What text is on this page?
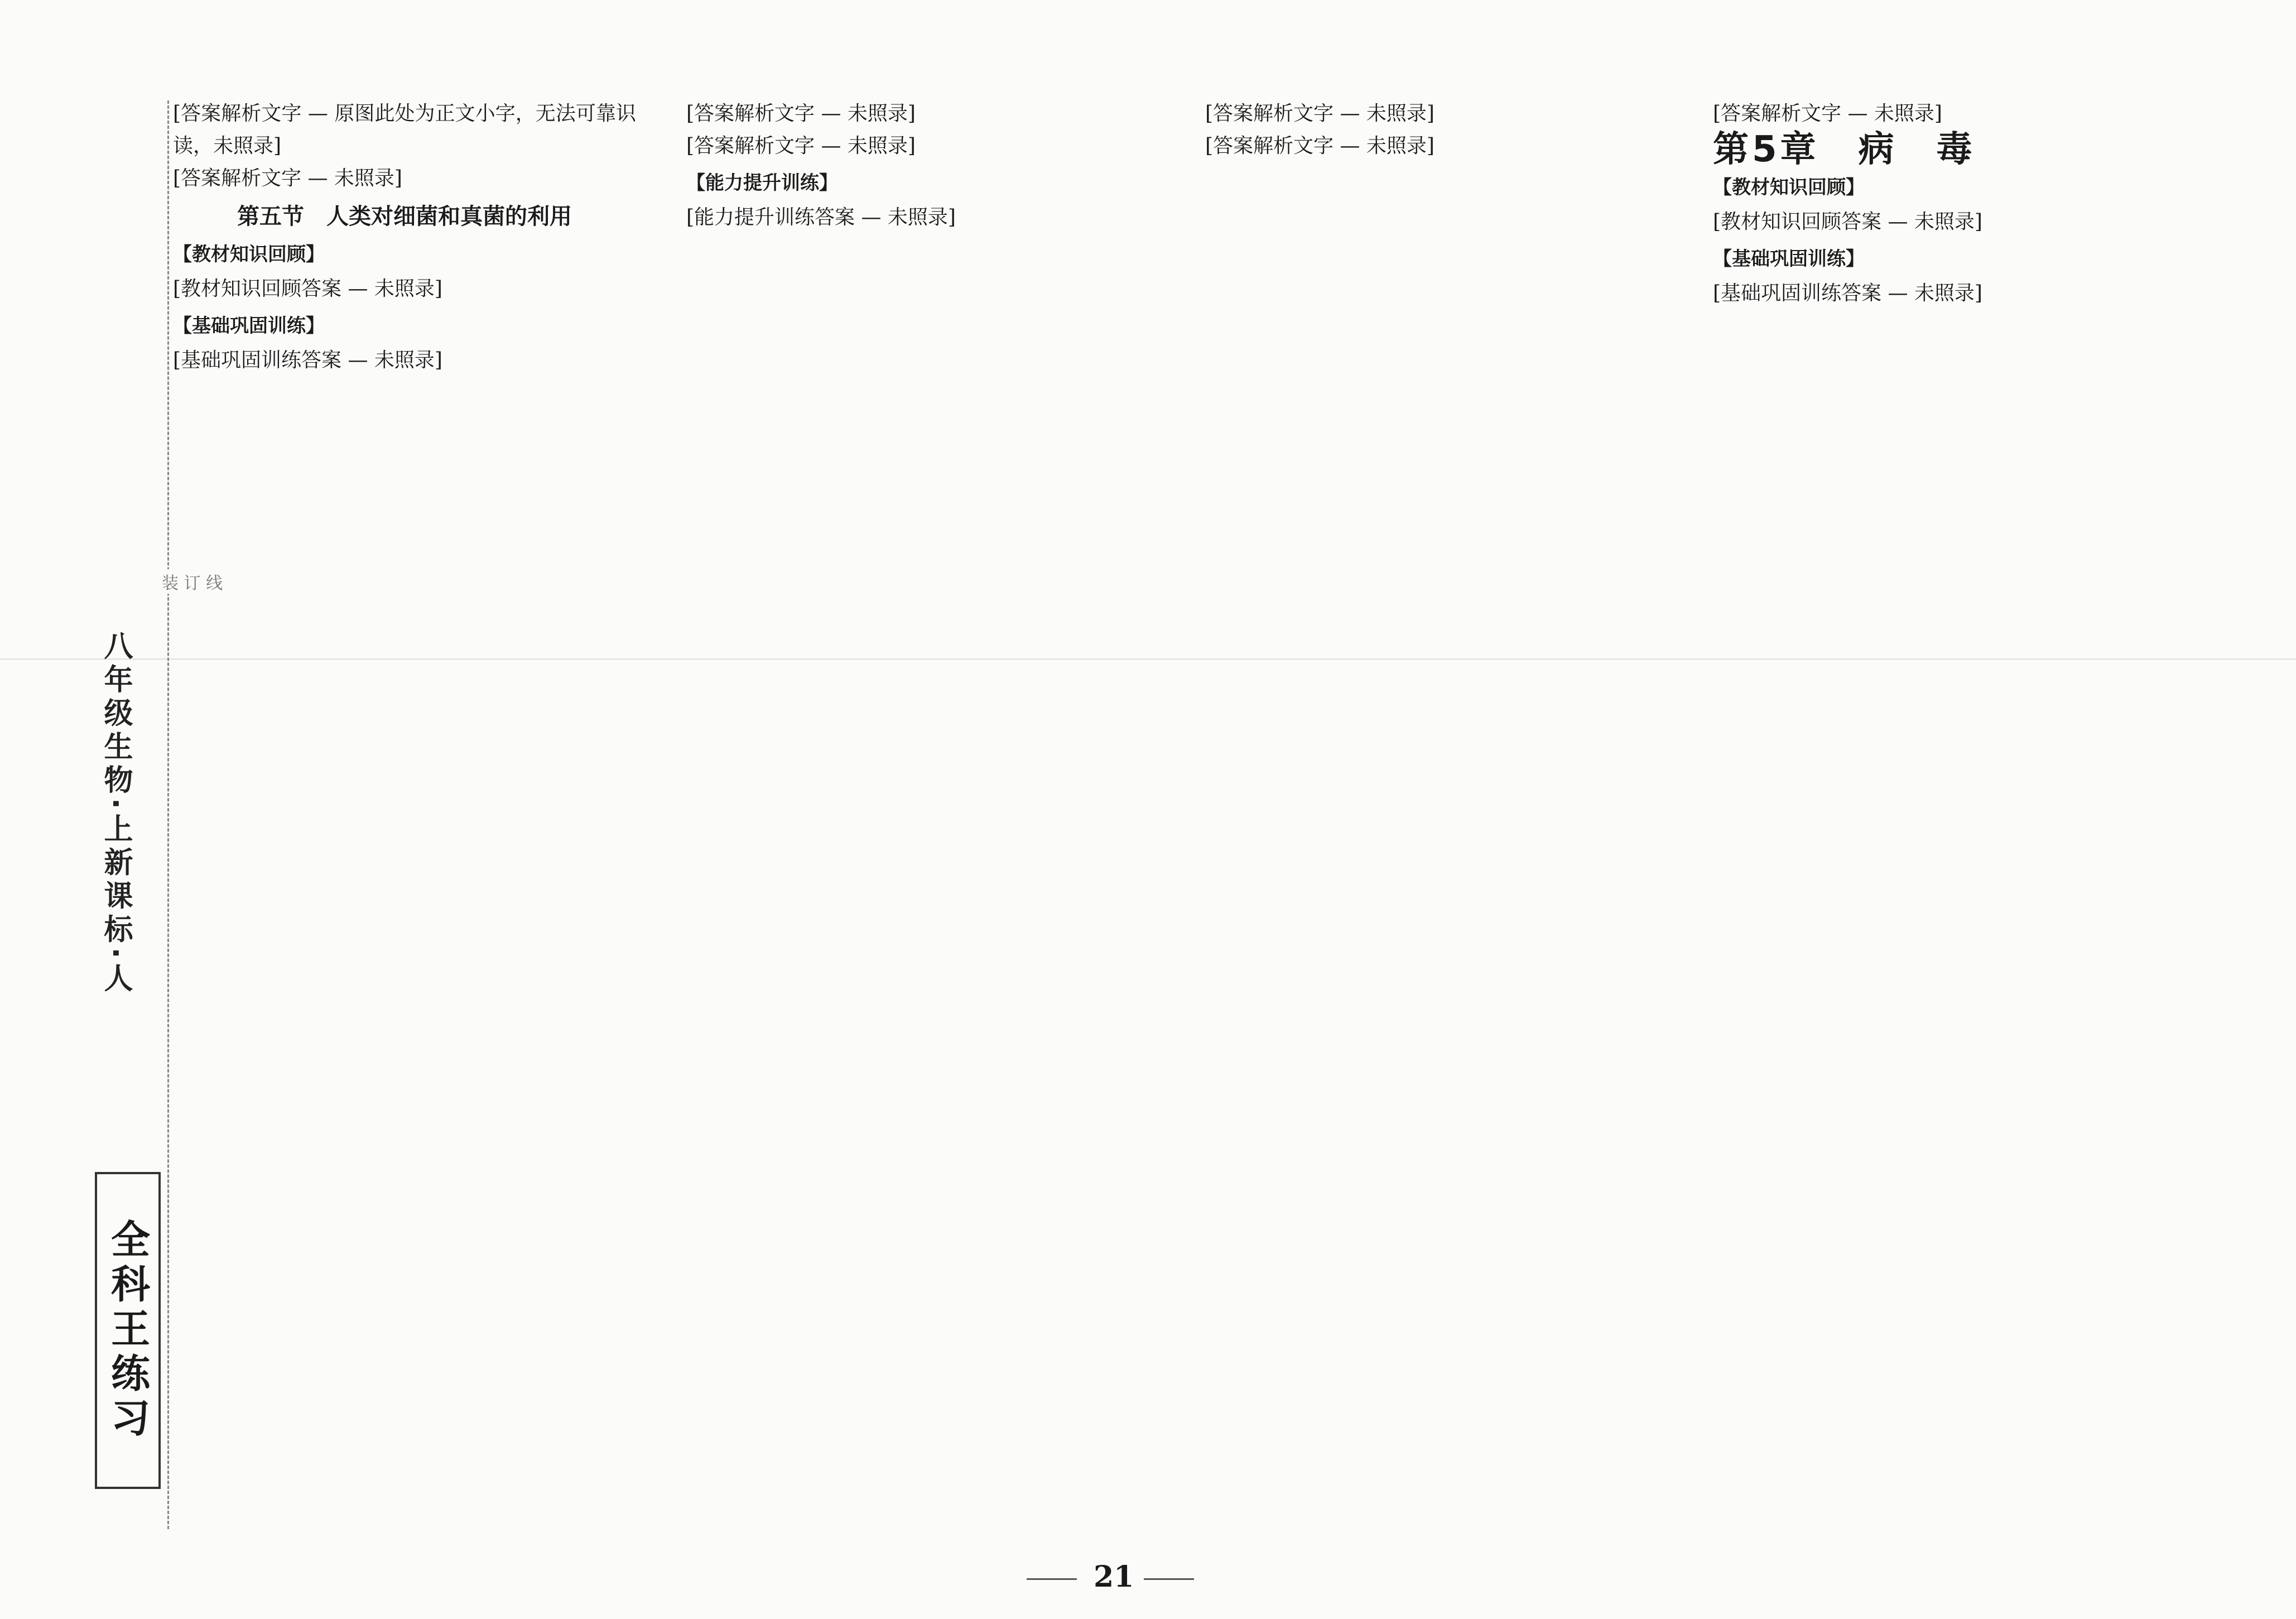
八年级生物·上新课标·人
全科王练习
装 订 线

[答案解析文字 — 原图此处为正文小字，无法可靠识读，未照录]

[答案解析文字 — 未照录]

第五节　人类对细菌和真菌的利用
【教材知识回顾】

[教材知识回顾答案 — 未照录]

【基础巩固训练】

[基础巩固训练答案 — 未照录]

[答案解析文字 — 未照录]

[答案解析文字 — 未照录]

【能力提升训练】

[能力提升训练答案 — 未照录]

[答案解析文字 — 未照录]

[答案解析文字 — 未照录]

[答案解析文字 — 未照录]

第5章　病　毒
【教材知识回顾】

[教材知识回顾答案 — 未照录]

【基础巩固训练】

[基础巩固训练答案 — 未照录]

21
